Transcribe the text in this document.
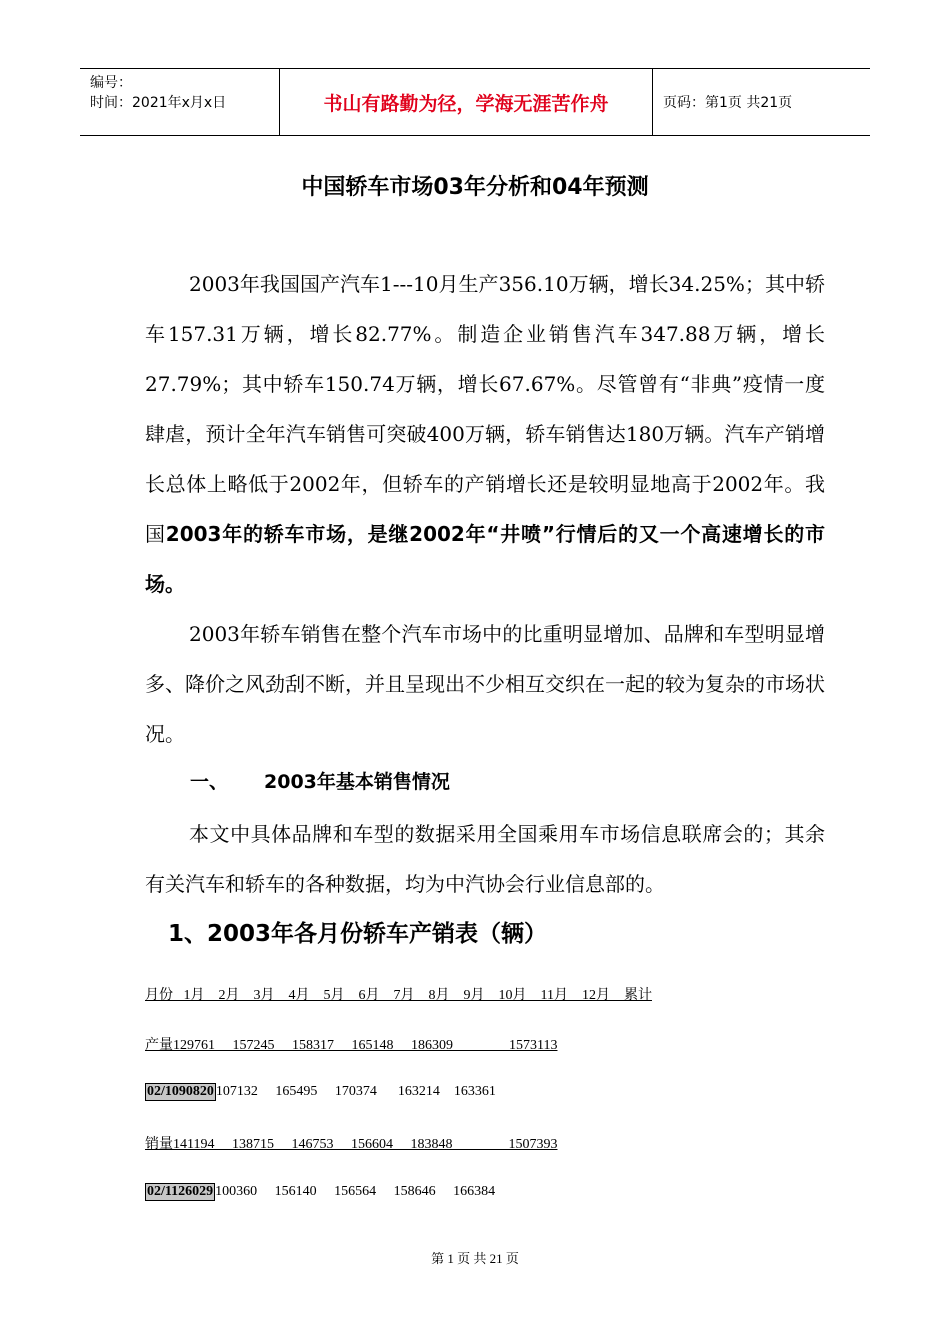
编号：
时间：2021年x月x日	书山有路勤为径，学海无涯苦作舟	页码：第1页 共21页
中国轿车市场03年分析和04年预测

2003年我国国产汽车1---10月生产356.10万辆，增长34.25%；其中轿车157.31万辆，增长82.77%。制造企业销售汽车347.88万辆，增长27.79%；其中轿车150.74万辆，增长67.67%。尽管曾有“非典”疫情一度肆虐，预计全年汽车销售可突破400万辆，轿车销售达180万辆。汽车产销增长总体上略低于2002年，但轿车的产销增长还是较明显地高于2002年。我国2003年的轿车市场，是继2002年“井喷”行情后的又一个高速增长的市场。

2003年轿车销售在整个汽车市场中的比重明显增加、品牌和车型明显增多、降价之风劲刮不断，并且呈现出不少相互交织在一起的较为复杂的市场状况。

一、 2003年基本销售情况

本文中具体品牌和车型的数据采用全国乘用车市场信息联席会的；其余有关汽车和轿车的各种数据，均为中汽协会行业信息部的。

1、2003年各月份轿车产销表（辆）
月份   1月    2月    3月    4月    5月    6月    7月    8月    9月    10月    11月    12月    累计
产量129761     157245     158317     165148     186309                1573113
02/1090820 107132     165495     170374      163214    163361
销量141194     138715     146753     156604     183848                1507393
02/1126029 100360     156140     156564     158646     166384
第 1 页 共 21 页
